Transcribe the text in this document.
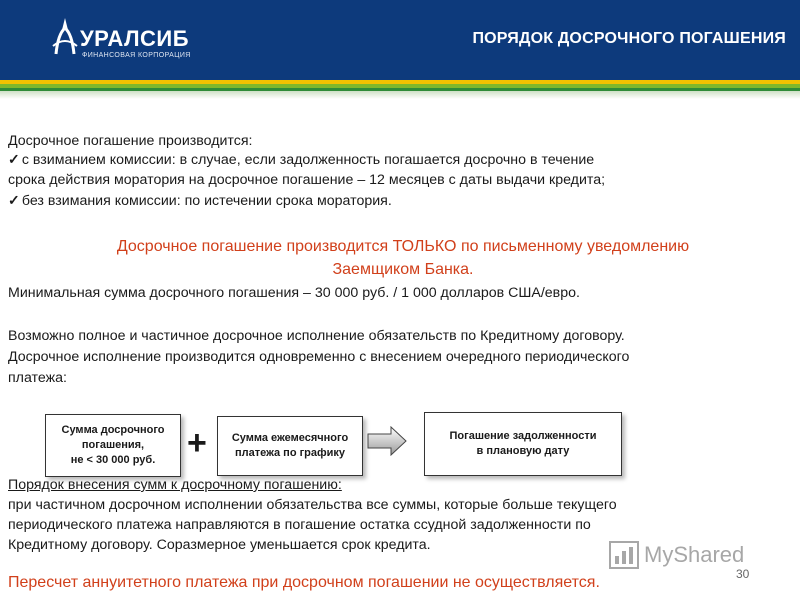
УРАЛСИБ
ФИНАНСОВАЯ КОРПОРАЦИЯ
ПОРЯДОК ДОСРОЧНОГО ПОГАШЕНИЯ
Досрочное погашение производится:
✓ с взиманием комиссии: в случае, если задолженность погашается досрочно в течение
срока действия моратория на досрочное погашение – 12 месяцев с даты выдачи кредита;
✓ без взимания комиссии: по истечении срока моратория.
Досрочное погашение производится ТОЛЬКО по письменному уведомлению
Заемщиком Банка.
Минимальная сумма досрочного погашения – 30 000 руб. / 1 000 долларов США/евро.
Возможно полное и частичное досрочное исполнение обязательств по Кредитному договору.
Досрочное исполнение производится одновременно с внесением очередного периодического
платежа:
Сумма досрочного
погашения,
не < 30 000 руб. + Сумма ежемесячного
платежа по графику
Погашение задолженности
в плановую дату
Порядок внесения сумм к досрочному погашению:
при частичном досрочном исполнении обязательства все суммы, которые больше текущего
периодического платежа направляются в погашение остатка ссудной задолженности по
Кредитному договору. Соразмерное уменьшается срок кредита.
Пересчет аннуитетного платежа при досрочном погашении не осуществляется.
MyShared
30
